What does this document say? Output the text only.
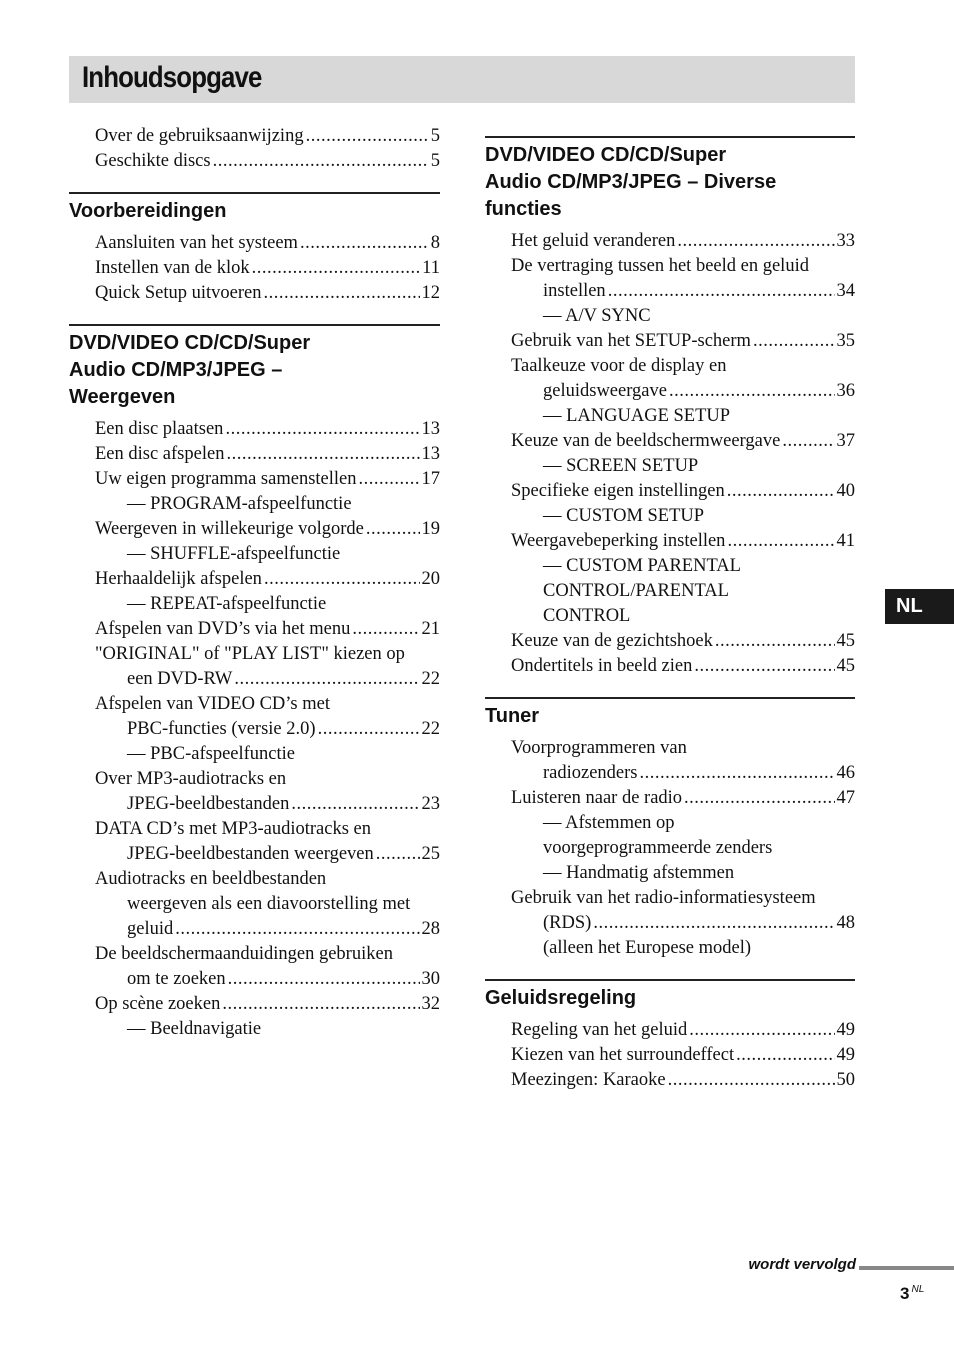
Inhoudsopgave
Over de gebruiksaanwijzing .....	5
Geschikte discs .....	5
Voorbereidingen
Aansluiten van het systeem .....	8
Instellen van de klok .....	11
Quick Setup uitvoeren .....	12
DVD/VIDEO CD/CD/Super
Audio CD/MP3/JPEG –
Weergeven
Een disc plaatsen .....	13
Een disc afspelen .....	13
Uw eigen programma samenstellen .....	17
— PROGRAM-afspeelfunctie
Weergeven in willekeurige volgorde .....	19
— SHUFFLE-afspeelfunctie
Herhaaldelijk afspelen .....	20
— REPEAT-afspeelfunctie
Afspelen van DVD’s via het menu .....	21
"ORIGINAL" of "PLAY LIST" kiezen op
een DVD-RW .....	22
Afspelen van VIDEO CD’s met
PBC-functies (versie 2.0) .....	22
— PBC-afspeelfunctie
Over MP3-audiotracks en
JPEG-beeldbestanden .....	23
DATA CD’s met MP3-audiotracks en
JPEG-beeldbestanden weergeven .....	25
Audiotracks en beeldbestanden
weergeven als een diavoorstelling met
geluid .....	28
De beeldschermaanduidingen gebruiken
om te zoeken .....	30
Op scène zoeken .....	32
— Beeldnavigatie
DVD/VIDEO CD/CD/Super
Audio CD/MP3/JPEG – Diverse
functies
Het geluid veranderen .....	33
De vertraging tussen het beeld en geluid
instellen .....	34
— A/V SYNC
Gebruik van het SETUP-scherm .....	35
Taalkeuze voor de display en
geluidsweergave .....	36
— LANGUAGE SETUP
Keuze van de beeldschermweergave .....	37
— SCREEN SETUP
Specifieke eigen instellingen .....	40
— CUSTOM SETUP
Weergavebeperking instellen .....	41
— CUSTOM PARENTAL
CONTROL/PARENTAL
CONTROL
Keuze van de gezichtshoek .....	45
Ondertitels in beeld zien .....	45
Tuner
Voorprogrammeren van
radiozenders .....	46
Luisteren naar de radio .....	47
— Afstemmen op
voorgeprogrammeerde zenders
— Handmatig afstemmen
Gebruik van het radio-informatiesysteem
(RDS) .....	48
(alleen het Europese model)
Geluidsregeling
Regeling van het geluid .....	49
Kiezen van het surroundeffect .....	49
Meezingen: Karaoke .....	50
NL
wordt vervolgd
3 $^{NL}$
